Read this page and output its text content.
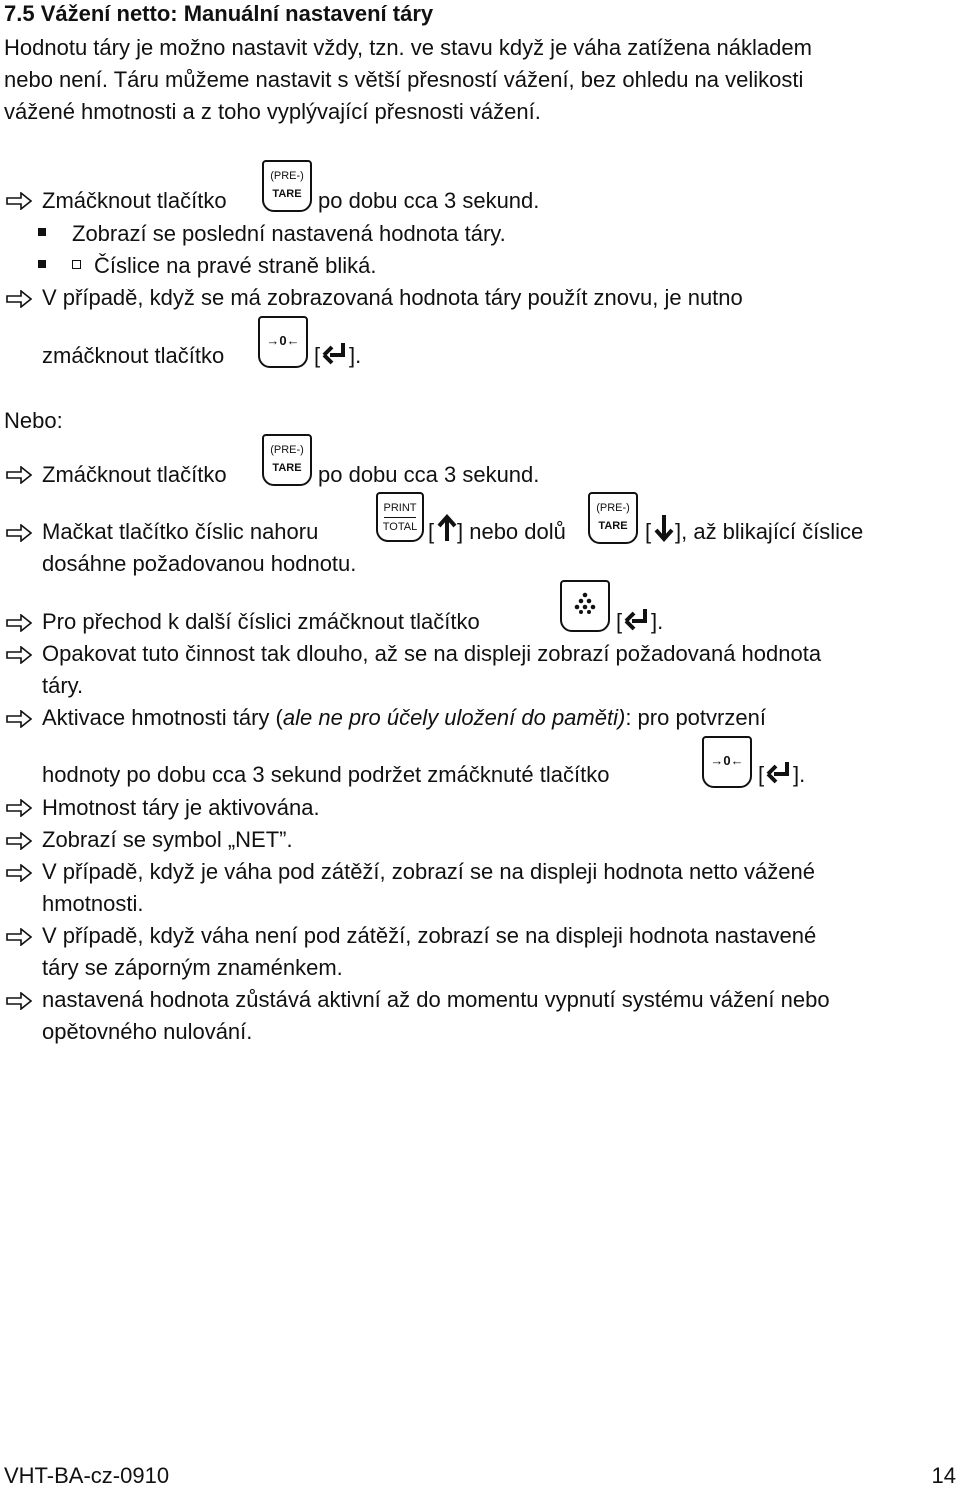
7.5 Vážení netto: Manuální nastavení táry
Hodnotu táry je možno nastavit vždy, tzn. ve stavu když je váha zatížena nákladem
nebo není. Táru můžeme nastavit s větší přesností vážení, bez ohledu na velikosti
vážené hmotnosti a z toho vyplývající přesnosti vážení.
Zmáčknout tlačítko
(PRE-)
TARE po dobu cca 3 sekund.
Zobrazí se poslední nastavená hodnota táry.
Číslice na pravé straně bliká.
V případě, když se má zobrazovaná hodnota táry použít znovu, je nutno
zmáčknout tlačítko
→0←
[ ].
Nebo:
Zmáčknout tlačítko
(PRE-)
TARE po dobu cca 3 sekund.
Mačkat tlačítko číslic nahoru
PRINT
TOTAL [ ] nebo dolů
(PRE-)
TARE [ ], až blikající číslice
dosáhne požadovanou hodnotu.
Pro přechod k další číslici zmáčknout tlačítko	[ ].
Opakovat tuto činnost tak dlouho, až se na displeji zobrazí požadovaná hodnota
táry.
Aktivace hmotnosti táry (ale ne pro účely uložení do paměti): pro potvrzení
hodnoty po dobu cca 3 sekund podržet zmáčknuté tlačítko
→0←
[ ].
Hmotnost táry je aktivována.
Zobrazí se symbol „NET”.
V případě, když je váha pod zátěží, zobrazí se na displeji hodnota netto vážené
hmotnosti.
V případě, když váha není pod zátěží, zobrazí se na displeji hodnota nastavené
táry se záporným znaménkem.
nastavená hodnota zůstává aktivní až do momentu vypnutí systému vážení nebo
opětovného nulování.
VHT-BA-cz-0910	14
